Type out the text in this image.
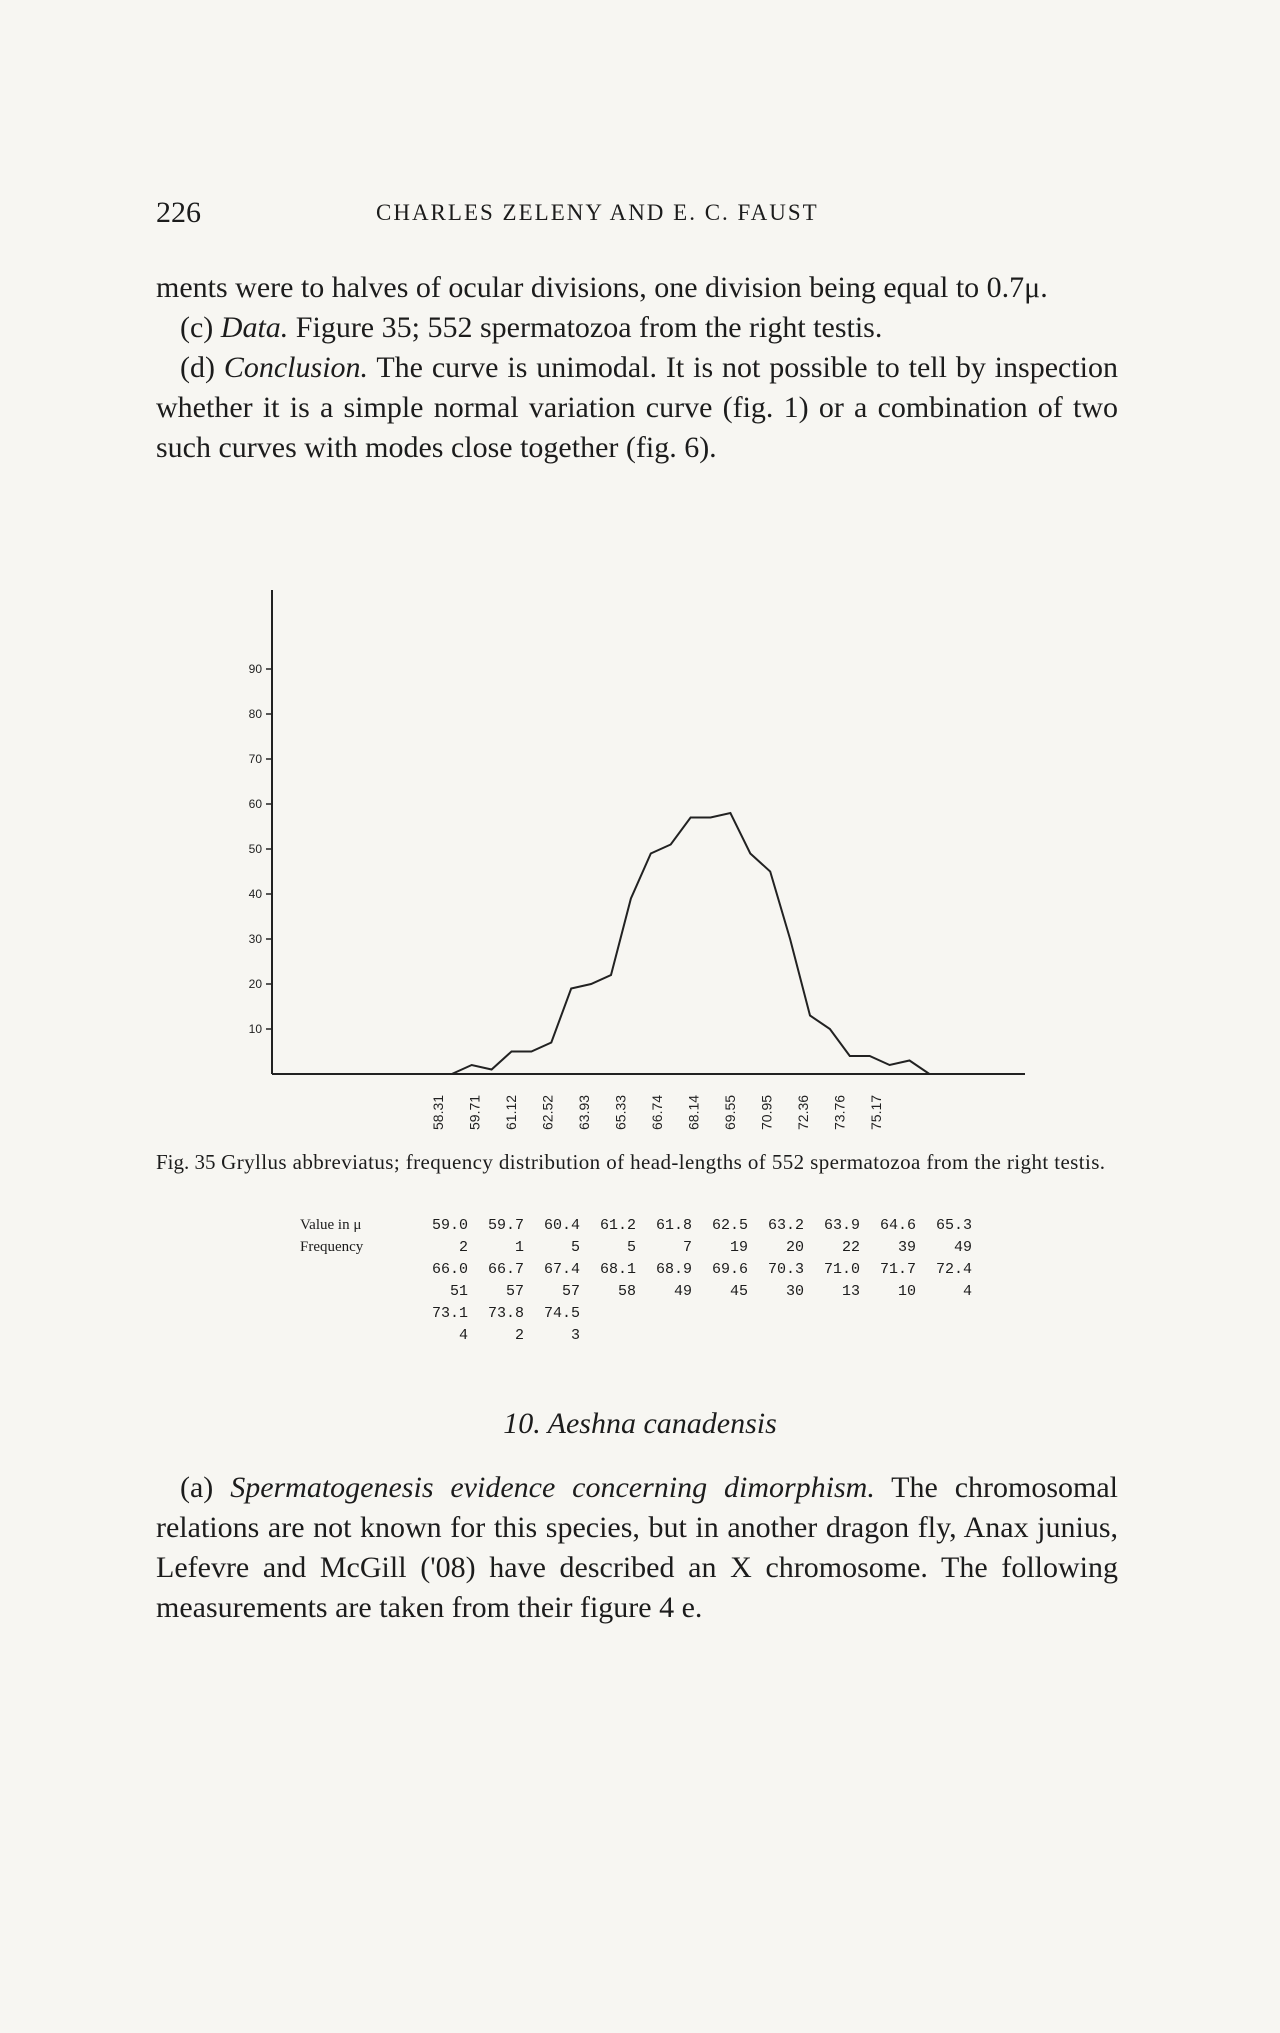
226	CHARLES ZELENY AND E. C. FAUST

ments were to halves of ocular divisions, one division being equal to 0.7μ.

(c) Data. Figure 35; 552 spermatozoa from the right testis.

(d) Conclusion. The curve is unimodal. It is not possible to tell by inspection whether it is a simple normal variation curve (fig. 1) or a combination of two such curves with modes close together (fig. 6).

10
20
30
40
50
60
70
80
90
58.31 59.71 61.12 62.52 63.93 65.33 66.74 68.14 69.55 70.95 72.36 73.76 75.17
Fig. 35 Gryllus abbreviatus; frequency distribution of head-lengths of 552 spermatozoa from the right testis.
Value in μ	59.0	59.7	60.4	61.2	61.8	62.5	63.2	63.9	64.6	65.3
Frequency	2	1	5	5	7	19	20	22	39	49
	66.0	66.7	67.4	68.1	68.9	69.6	70.3	71.0	71.7	72.4
	51	57	57	58	49	45	30	13	10	4
	73.1	73.8	74.5							
	4	2	3							
10. Aeshna canadensis

(a) Spermatogenesis evidence concerning dimorphism. The chromosomal relations are not known for this species, but in another dragon fly, Anax junius, Lefevre and McGill ('08) have described an X chromosome. The following measurements are taken from their figure 4 e.
